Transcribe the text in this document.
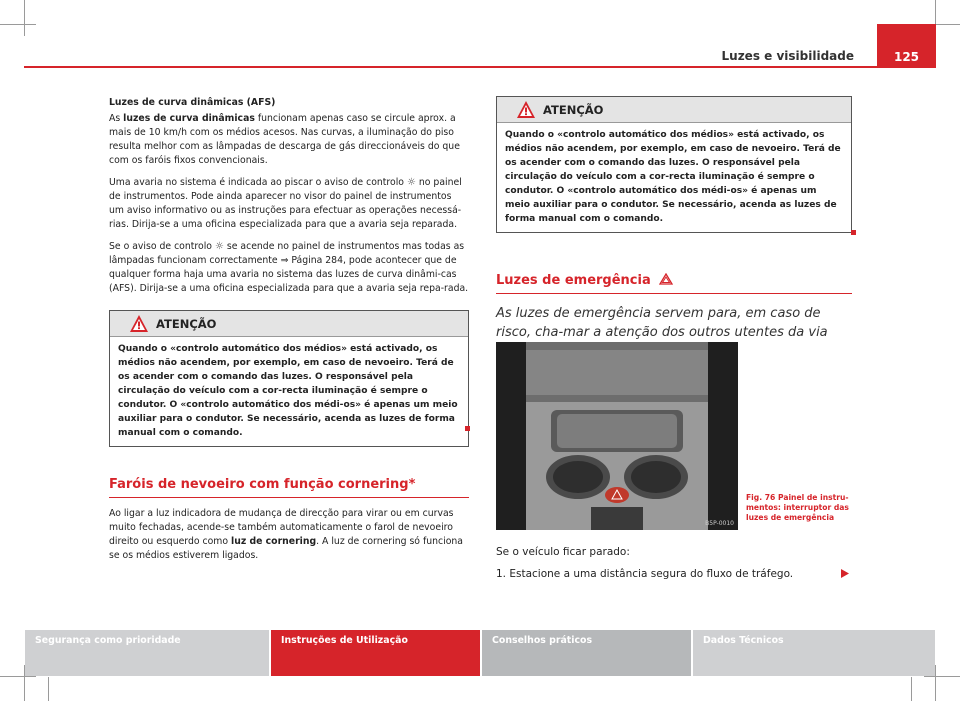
125
Luzes e visibilidade

Luzes de curva dinâmicas (AFS)

As luzes de curva dinâmicas funcionam apenas caso se circule aprox. a mais de 10 km/h com os médios acesos. Nas curvas, a iluminação do piso resulta melhor com as lâmpadas de descarga de gás direccionáveis do que com os faróis fixos convencionais.

Uma avaria no sistema é indicada ao piscar o aviso de controlo ☼ no painel de instrumentos. Pode ainda aparecer no visor do painel de instrumentos um aviso informativo ou as instruções para efectuar as operações necessá-rias. Dirija-se a uma oficina especializada para que a avaria seja reparada.

Se o aviso de controlo ☼ se acende no painel de instrumentos mas todas as lâmpadas funcionam correctamente ⇒ Página 284, pode acontecer que de qualquer forma haja uma avaria no sistema das luzes de curva dinâmi-cas (AFS). Dirija-se a uma oficina especializada para que a avaria seja repa-rada.

ATENÇÃO
Quando o «controlo automático dos médios» está activado, os médios não acendem, por exemplo, em caso de nevoeiro. Terá de os acender com o comando das luzes. O responsável pela circulação do veículo com a cor-recta iluminação é sempre o condutor. O «controlo automático dos médi-os» é apenas um meio auxiliar para o condutor. Se necessário, acenda as luzes de forma manual com o comando.
Faróis de nevoeiro com função cornering*

Ao ligar a luz indicadora de mudança de direcção para virar ou em curvas muito fechadas, acende-se também automaticamente o farol de nevoeiro direito ou esquerdo como luz de cornering. A luz de cornering só funciona se os médios estiverem ligados.

ATENÇÃO
Quando o «controlo automático dos médios» está activado, os médios não acendem, por exemplo, em caso de nevoeiro. Terá de os acender com o comando das luzes. O responsável pela circulação do veículo com a cor-recta iluminação é sempre o condutor. O «controlo automático dos médi-os» é apenas um meio auxiliar para o condutor. Se necessário, acenda as luzes de forma manual com o comando.
Luzes de emergência

As luzes de emergência servem para, em caso de risco, cha-mar a atenção dos outros utentes da via

B5P-0010
Fig. 76 Painel de instru-mentos: interruptor das luzes de emergência

Se o veículo ficar parado:

1. Estacione a uma distância segura do fluxo de tráfego.

Segurança como prioridade	Instruções de Utilização	Conselhos práticos	Dados Técnicos
